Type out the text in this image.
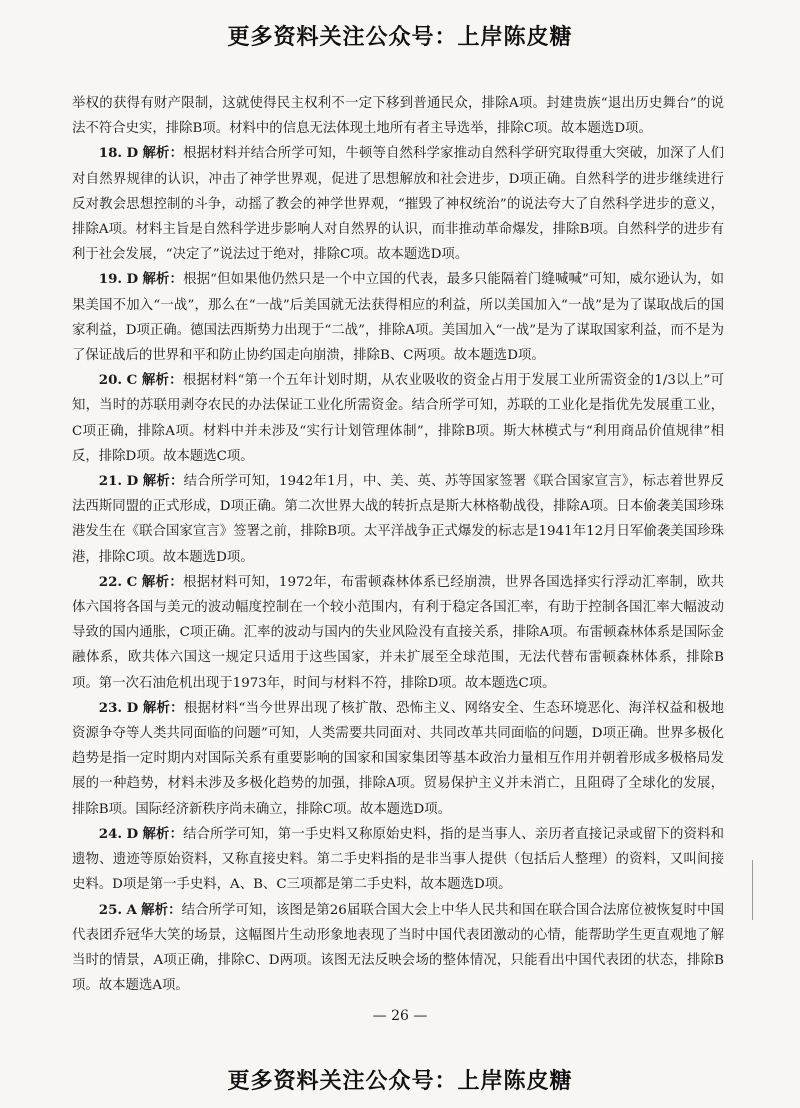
更多资料关注公众号：上岸陈皮糖

举权的获得有财产限制，这就使得民主权利不一定下移到普通民众，排除A项。封建贵族“退出历史舞台”的说法不符合史实，排除B项。材料中的信息无法体现土地所有者主导选举，排除C项。故本题选D项。

18. D 解析：根据材料并结合所学可知，牛顿等自然科学家推动自然科学研究取得重大突破，加深了人们对自然界规律的认识，冲击了神学世界观，促进了思想解放和社会进步，D项正确。自然科学的进步继续进行反对教会思想控制的斗争，动摇了教会的神学世界观，“摧毁了神权统治”的说法夸大了自然科学进步的意义，排除A项。材料主旨是自然科学进步影响人对自然界的认识，而非推动革命爆发，排除B项。自然科学的进步有利于社会发展，“决定了”说法过于绝对，排除C项。故本题选D项。

19. D 解析：根据“但如果他仍然只是一个中立国的代表，最多只能隔着门缝喊喊”可知，威尔逊认为，如果美国不加入“一战”，那么在“一战”后美国就无法获得相应的利益，所以美国加入“一战”是为了谋取战后的国家利益，D项正确。德国法西斯势力出现于“二战”，排除A项。美国加入“一战”是为了谋取国家利益，而不是为了保证战后的世界和平和防止协约国走向崩溃，排除B、C两项。故本题选D项。

20. C 解析：根据材料“第一个五年计划时期，从农业吸收的资金占用于发展工业所需资金的1/3以上”可知，当时的苏联用剥夺农民的办法保证工业化所需资金。结合所学可知，苏联的工业化是指优先发展重工业，C项正确，排除A项。材料中并未涉及“实行计划管理体制”，排除B项。斯大林模式与“利用商品价值规律”相反，排除D项。故本题选C项。

21. D 解析：结合所学可知，1942年1月，中、美、英、苏等国家签署《联合国家宣言》，标志着世界反法西斯同盟的正式形成，D项正确。第二次世界大战的转折点是斯大林格勒战役，排除A项。日本偷袭美国珍珠港发生在《联合国家宣言》签署之前，排除B项。太平洋战争正式爆发的标志是1941年12月日军偷袭美国珍珠港，排除C项。故本题选D项。

22. C 解析：根据材料可知，1972年，布雷顿森林体系已经崩溃，世界各国选择实行浮动汇率制，欧共体六国将各国与美元的波动幅度控制在一个较小范围内，有利于稳定各国汇率，有助于控制各国汇率大幅波动导致的国内通胀，C项正确。汇率的波动与国内的失业风险没有直接关系，排除A项。布雷顿森林体系是国际金融体系，欧共体六国这一规定只适用于这些国家，并未扩展至全球范围，无法代替布雷顿森林体系，排除B项。第一次石油危机出现于1973年，时间与材料不符，排除D项。故本题选C项。

23. D 解析：根据材料“当今世界出现了核扩散、恐怖主义、网络安全、生态环境恶化、海洋权益和极地资源争夺等人类共同面临的问题”可知，人类需要共同面对、共同改革共同面临的问题，D项正确。世界多极化趋势是指一定时期内对国际关系有重要影响的国家和国家集团等基本政治力量相互作用并朝着形成多极格局发展的一种趋势，材料未涉及多极化趋势的加强，排除A项。贸易保护主义并未消亡，且阻碍了全球化的发展，排除B项。国际经济新秩序尚未确立，排除C项。故本题选D项。

24. D 解析：结合所学可知，第一手史料又称原始史料，指的是当事人、亲历者直接记录或留下的资料和遗物、遗迹等原始资料，又称直接史料。第二手史料指的是非当事人提供（包括后人整理）的资料，又叫间接史料。D项是第一手史料，A、B、C三项都是第二手史料，故本题选D项。

25. A 解析：结合所学可知，该图是第26届联合国大会上中华人民共和国在联合国合法席位被恢复时中国代表团乔冠华大笑的场景，这幅图片生动形象地表现了当时中国代表团激动的心情，能帮助学生更直观地了解当时的情景，A项正确，排除C、D两项。该图无法反映会场的整体情况，只能看出中国代表团的状态，排除B项。故本题选A项。

— 26 —
更多资料关注公众号：上岸陈皮糖
